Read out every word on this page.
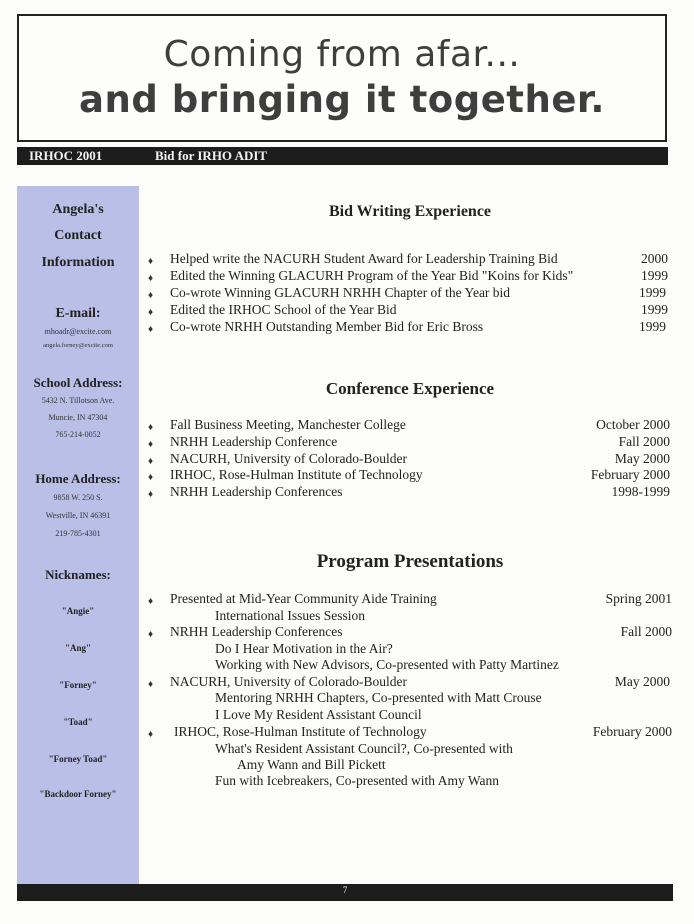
Coming from afar...
and bringing it together.
IRHOC 2001	Bid for IRHO ADIT
Angela's
Contact
Information
E-mail:
mhoadr@excite.com
angela.forney@excite.com
School Address:
5432 N. Tillotson Ave.
Muncie, IN 47304
765-214-0052
Home Address:
9858 W. 250 S.
Westville, IN 46391
219-785-4301
Nicknames:
"Angie"
"Ang"
"Forney"
"Toad"
"Forney Toad"
"Backdoor Forney"
Bid Writing Experience
♦ Helped write the NACURH Student Award for Leadership Training Bid	2000
♦ Edited the Winning GLACURH Program of the Year Bid "Koins for Kids"	1999
♦ Co-wrote Winning GLACURH NRHH Chapter of the Year bid	1999
♦ Edited the IRHOC School of the Year Bid	1999
♦ Co-wrote NRHH Outstanding Member Bid for Eric Bross	1999
Conference Experience
♦ Fall Business Meeting, Manchester College	October 2000
♦ NRHH Leadership Conference	Fall 2000
♦ NACURH, University of Colorado-Boulder	May 2000
♦ IRHOC, Rose-Hulman Institute of Technology	February 2000
♦ NRHH Leadership Conferences	1998-1999
Program Presentations
♦ Presented at Mid-Year Community Aide Training	Spring 2001
International Issues Session
♦ NRHH Leadership Conferences	Fall 2000
Do I Hear Motivation in the Air?
Working with New Advisors, Co-presented with Patty Martinez
♦ NACURH, University of Colorado-Boulder	May 2000
Mentoring NRHH Chapters, Co-presented with Matt Crouse
I Love My Resident Assistant Council
♦ IRHOC, Rose-Hulman Institute of Technology	February 2000
What's Resident Assistant Council?, Co-presented with
Amy Wann and Bill Pickett
Fun with Icebreakers, Co-presented with Amy Wann
7
